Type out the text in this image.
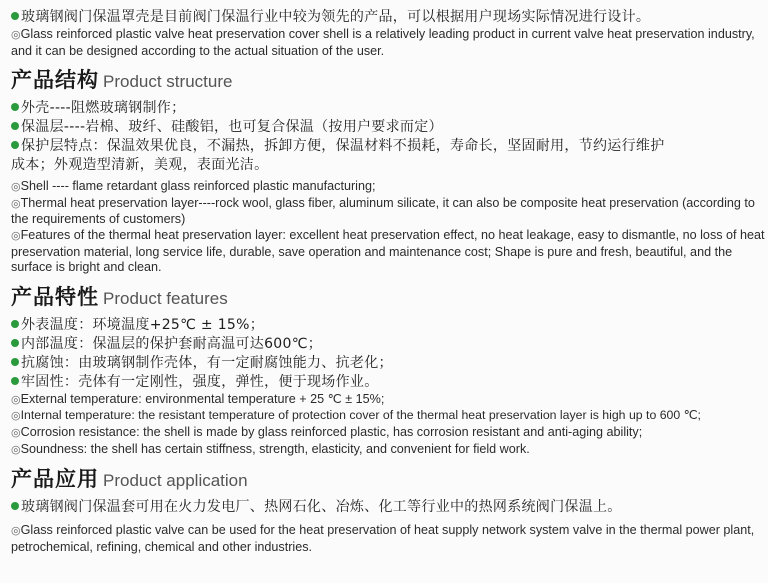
玻璃钢阀门保温罩壳是目前阀门保温行业中较为领先的产品，可以根据用户现场实际情况进行设计。

◎Glass reinforced plastic valve heat preservation cover shell is a relatively leading product in current valve heat preservation industry, and it can be designed according to the actual situation of the user.

产品结构 Product structure

外壳----阻燃玻璃钢制作；

保温层----岩棉、玻纤、硅酸铝，也可复合保温（按用户要求而定）

保护层特点：保温效果优良，不漏热，拆卸方便，保温材料不损耗，寿命长，坚固耐用，节约运行维护成本；外观造型清新，美观，表面光洁。

◎Shell ---- flame retardant glass reinforced plastic manufacturing;

◎Thermal heat preservation layer----rock wool, glass fiber, aluminum silicate, it can also be composite heat preservation (according to the requirements of customers)

◎Features of the thermal heat preservation layer: excellent heat preservation effect, no heat leakage, easy to dismantle, no loss of heat preservation material, long service life, durable, save operation and maintenance cost; Shape is pure and fresh, beautiful, and the surface is bright and clean.

产品特性 Product features

外表温度：环境温度+25℃ ± 15%；

内部温度：保温层的保护套耐高温可达600℃；

抗腐蚀：由玻璃钢制作壳体，有一定耐腐蚀能力、抗老化；

牢固性：壳体有一定刚性，强度，弹性，便于现场作业。

◎External temperature: environmental temperature + 25 ℃ ± 15%;

◎Internal temperature: the resistant temperature of protection cover of the thermal heat preservation layer is high up to 600 ℃;

◎Corrosion resistance: the shell is made by glass reinforced plastic, has corrosion resistant and anti-aging ability;

◎Soundness: the shell has certain stiffness, strength, elasticity, and convenient for field work.

产品应用 Product application

玻璃钢阀门保温套可用在火力发电厂、热网石化、冶炼、化工等行业中的热网系统阀门保温上。

◎Glass reinforced plastic valve can be used for the heat preservation of heat supply network system valve in the thermal power plant, petrochemical, refining, chemical and other industries.
